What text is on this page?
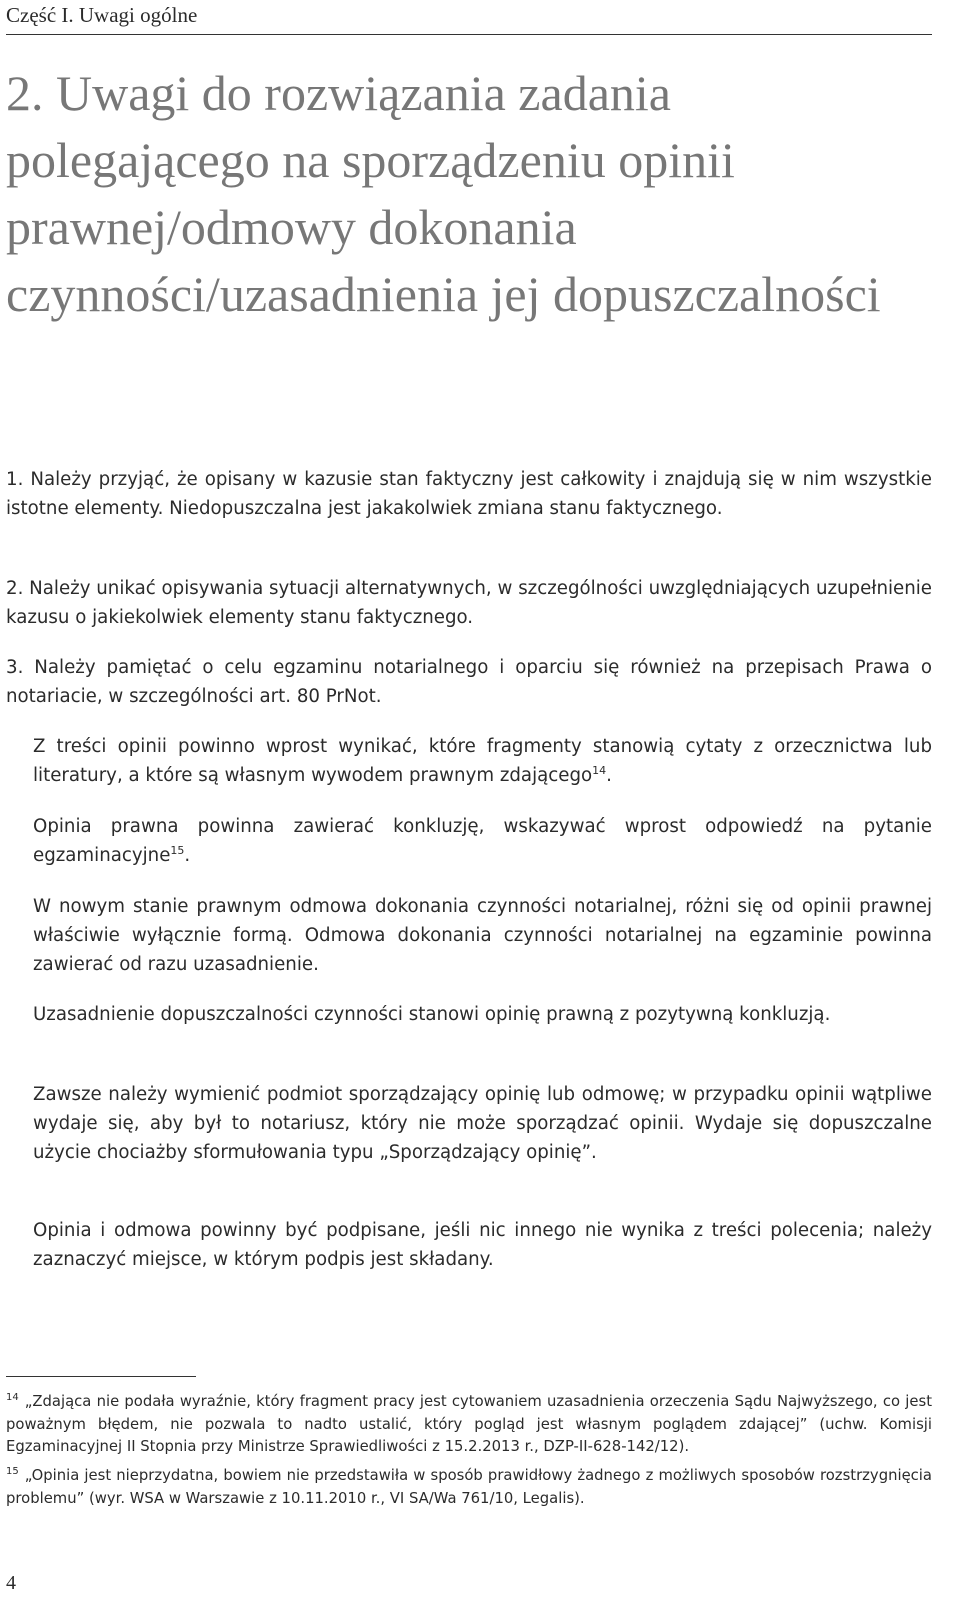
Część I. Uwagi ogólne
2. Uwagi do rozwiązania zadania polegającego na sporządzeniu opinii prawnej/odmowy dokonania czynności/uzasadnienia jej dopuszczalności
1. Należy przyjąć, że opisany w kazusie stan faktyczny jest całkowity i znajdują się w nim wszystkie istotne elementy. Niedopuszczalna jest jakakolwiek zmiana stanu faktycznego.
2. Należy unikać opisywania sytuacji alternatywnych, w szczególności uwzględniających uzupełnienie kazusu o jakiekolwiek elementy stanu faktycznego.
3. Należy pamiętać o celu egzaminu notarialnego i oparciu się również na przepisach Prawa o notariacie, w szczególności art. 80 PrNot.
Z treści opinii powinno wprost wynikać, które fragmenty stanowią cytaty z orzecznictwa lub literatury, a które są własnym wywodem prawnym zdającego$^{14}$.
Opinia prawna powinna zawierać konkluzję, wskazywać wprost odpowiedź na pytanie egzaminacyjne$^{15}$.
W nowym stanie prawnym odmowa dokonania czynności notarialnej, różni się od opinii prawnej właściwie wyłącznie formą. Odmowa dokonania czynności notarialnej na egzaminie powinna zawierać od razu uzasadnienie.
Uzasadnienie dopuszczalności czynności stanowi opinię prawną z pozytywną konkluzją.
Zawsze należy wymienić podmiot sporządzający opinię lub odmowę; w przypadku opinii wątpliwe wydaje się, aby był to notariusz, który nie może sporządzać opinii. Wydaje się dopuszczalne użycie chociażby sformułowania typu „Sporządzający opinię”.
Opinia i odmowa powinny być podpisane, jeśli nic innego nie wynika z treści polecenia; należy zaznaczyć miejsce, w którym podpis jest składany.
$^{14}$ „Zdająca nie podała wyraźnie, który fragment pracy jest cytowaniem uzasadnienia orzeczenia Sądu Najwyższego, co jest poważnym błędem, nie pozwala to nadto ustalić, który pogląd jest własnym poglądem zdającej” (uchw. Komisji Egzaminacyjnej II Stopnia przy Ministrze Sprawiedliwości z 15.2.2013 r., DZP-II-628-142/12).
$^{15}$ „Opinia jest nieprzydatna, bowiem nie przedstawiła w sposób prawidłowy żadnego z możliwych sposobów rozstrzygnięcia problemu” (wyr. WSA w Warszawie z 10.11.2010 r., VI SA/Wa 761/10, Legalis).
4
